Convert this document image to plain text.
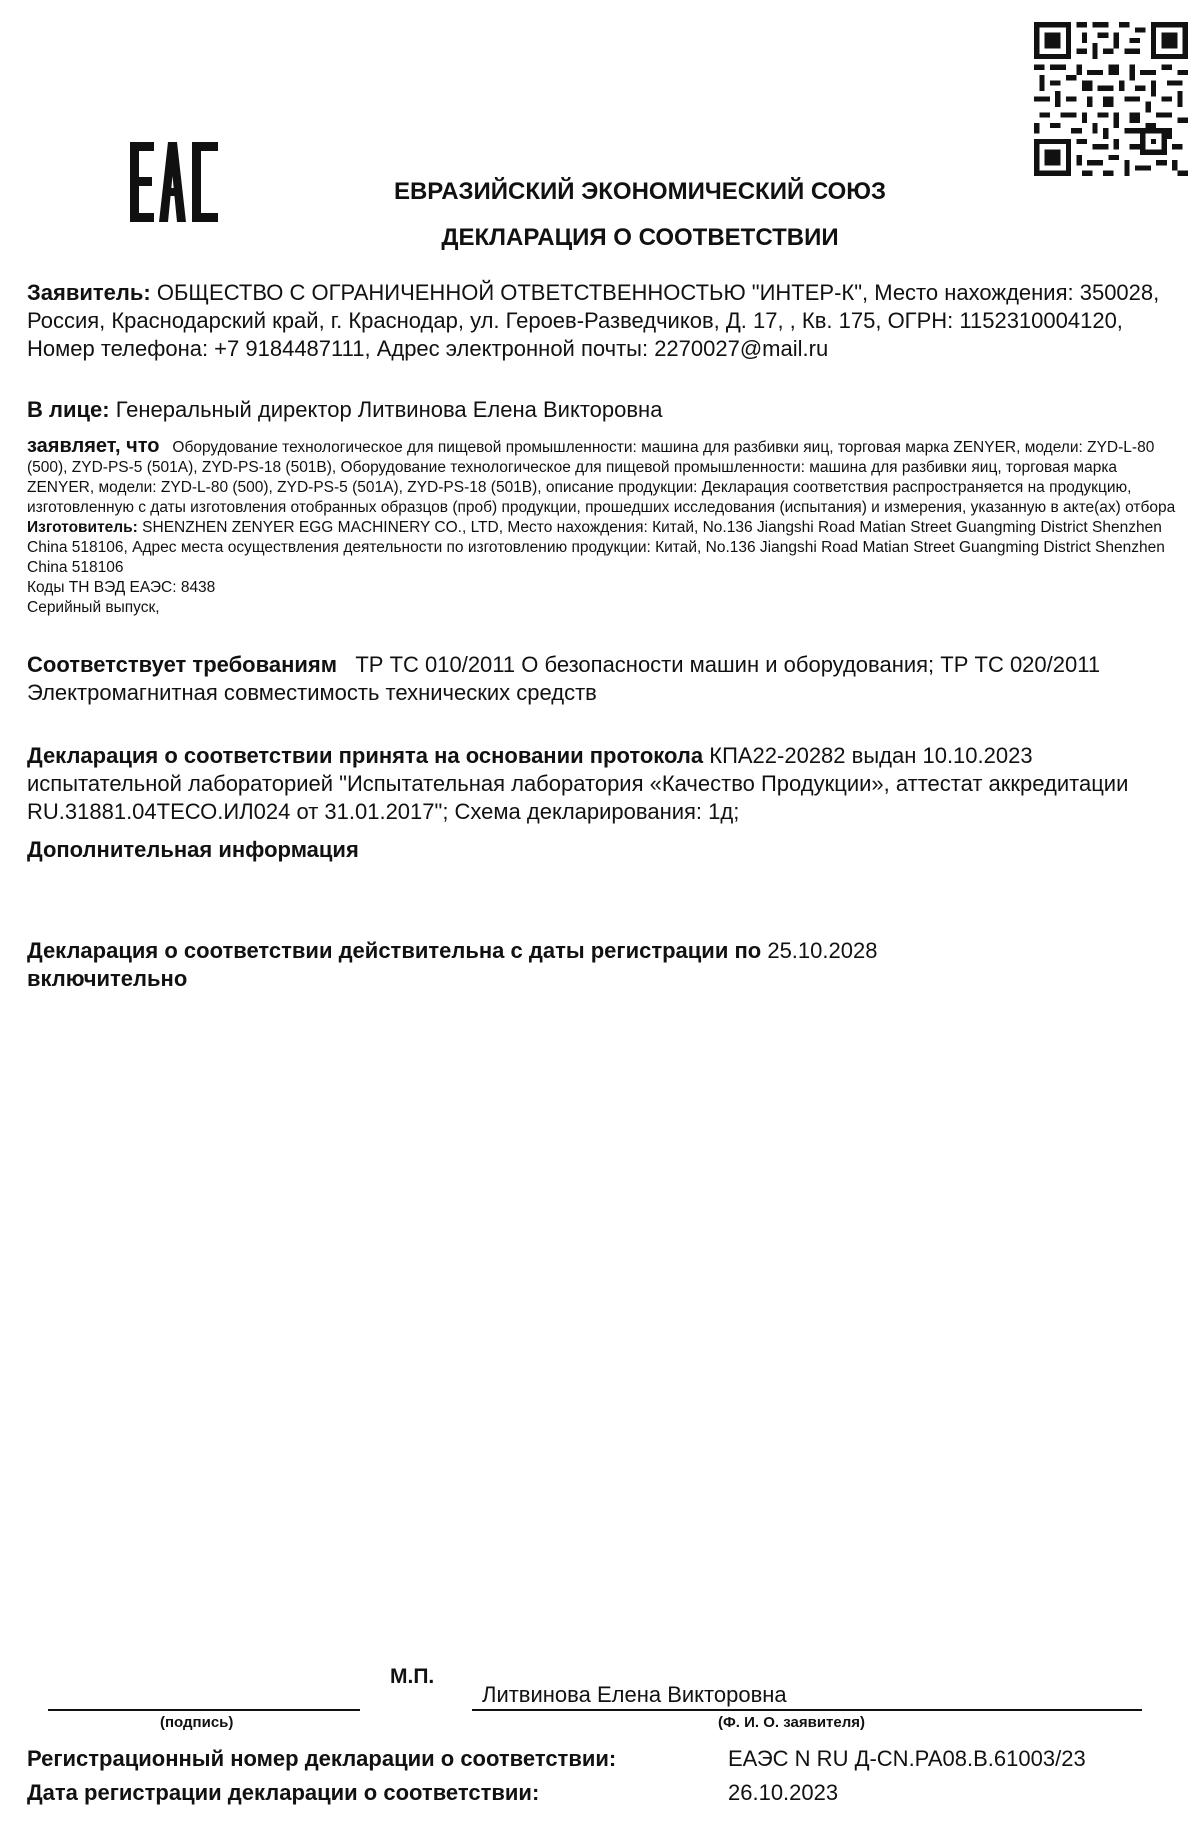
ЕВРАЗИЙСКИЙ ЭКОНОМИЧЕСКИЙ СОЮЗ
ДЕКЛАРАЦИЯ О СООТВЕТСТВИИ
Заявитель: ОБЩЕСТВО С ОГРАНИЧЕННОЙ ОТВЕТСТВЕННОСТЬЮ "ИНТЕР-К", Место нахождения: 350028, Россия, Краснодарский край, г. Краснодар, ул. Героев-Разведчиков, Д. 17, , Кв. 175, ОГРН: 1152310004120, Номер телефона: +7 9184487111, Адрес электронной почты: 2270027@mail.ru
В лице: Генеральный директор Литвинова Елена Викторовна
заявляет, что Оборудование технологическое для пищевой промышленности: машина для разбивки яиц, торговая марка ZENYER, модели: ZYD-L-80 (500), ZYD-PS-5 (501A), ZYD-PS-18 (501B), Оборудование технологическое для пищевой промышленности: машина для разбивки яиц, торговая марка ZENYER, модели: ZYD-L-80 (500), ZYD-PS-5 (501A), ZYD-PS-18 (501B), описание продукции: Декларация соответствия распространяется на продукцию, изготовленную с даты изготовления отобранных образцов (проб) продукции, прошедших исследования (испытания) и измерения, указанную в акте(ах) отбора
Изготовитель: SHENZHEN ZENYER EGG MACHINERY CO., LTD, Место нахождения: Китай, No.136 Jiangshi Road Matian Street Guangming District Shenzhen China 518106, Адрес места осуществления деятельности по изготовлению продукции: Китай, No.136 Jiangshi Road Matian Street Guangming District Shenzhen China 518106
Коды ТН ВЭД ЕАЭС: 8438
Серийный выпуск,
Соответствует требованиям ТР ТС 010/2011 О безопасности машин и оборудования; ТР ТС 020/2011 Электромагнитная совместимость технических средств
Декларация о соответствии принята на основании протокола КПА22-20282 выдан 10.10.2023 испытательной лабораторией "Испытательная лаборатория «Качество Продукции», аттестат аккредитации RU.31881.04ТЕСО.ИЛ024 от 31.01.2017"; Схема декларирования: 1д;
Дополнительная информация
Декларация о соответствии действительна с даты регистрации по 25.10.2028
включительно
М.П.
Литвинова Елена Викторовна
(подпись)	(Ф. И. О. заявителя)
Регистрационный номер декларации о соответствии:	ЕАЭС N RU Д-CN.РА08.В.61003/23
Дата регистрации декларации о соответствии:	26.10.2023
